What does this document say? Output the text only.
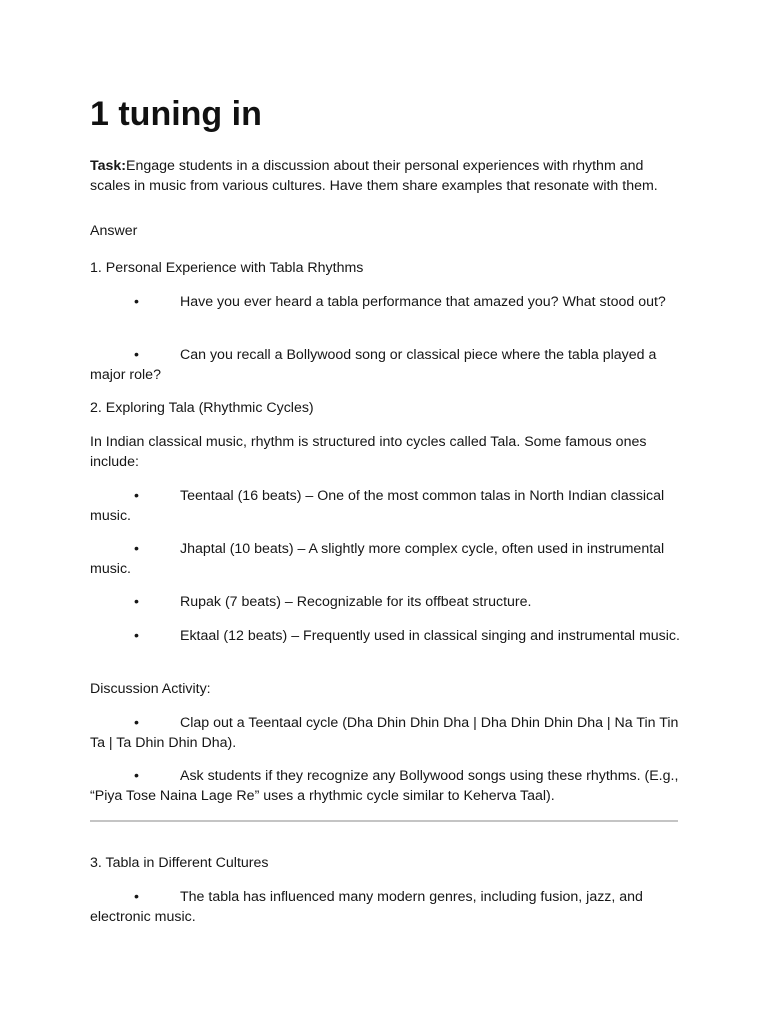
1 tuning in

Task:Engage students in a discussion about their personal experiences with rhythm and scales in music from various cultures. Have them share examples that resonate with them.

Answer

1. Personal Experience with Tabla Rhythms

•	Have you ever heard a tabla performance that amazed you? What stood out?

•	Can you recall a Bollywood song or classical piece where the tabla played a major role?

2. Exploring Tala (Rhythmic Cycles)

In Indian classical music, rhythm is structured into cycles called Tala. Some famous ones include:

•	Teentaal (16 beats) – One of the most common talas in North Indian classical music.

•	Jhaptal (10 beats) – A slightly more complex cycle, often used in instrumental music.

•	Rupak (7 beats) – Recognizable for its offbeat structure.

•	Ektaal (12 beats) – Frequently used in classical singing and instrumental music.

Discussion Activity:

•	Clap out a Teentaal cycle (Dha Dhin Dhin Dha | Dha Dhin Dhin Dha | Na Tin Tin Ta | Ta Dhin Dhin Dha).

•	Ask students if they recognize any Bollywood songs using these rhythms. (E.g., “Piya Tose Naina Lage Re” uses a rhythmic cycle similar to Keherva Taal).

3. Tabla in Different Cultures

•	The tabla has influenced many modern genres, including fusion, jazz, and electronic music.
